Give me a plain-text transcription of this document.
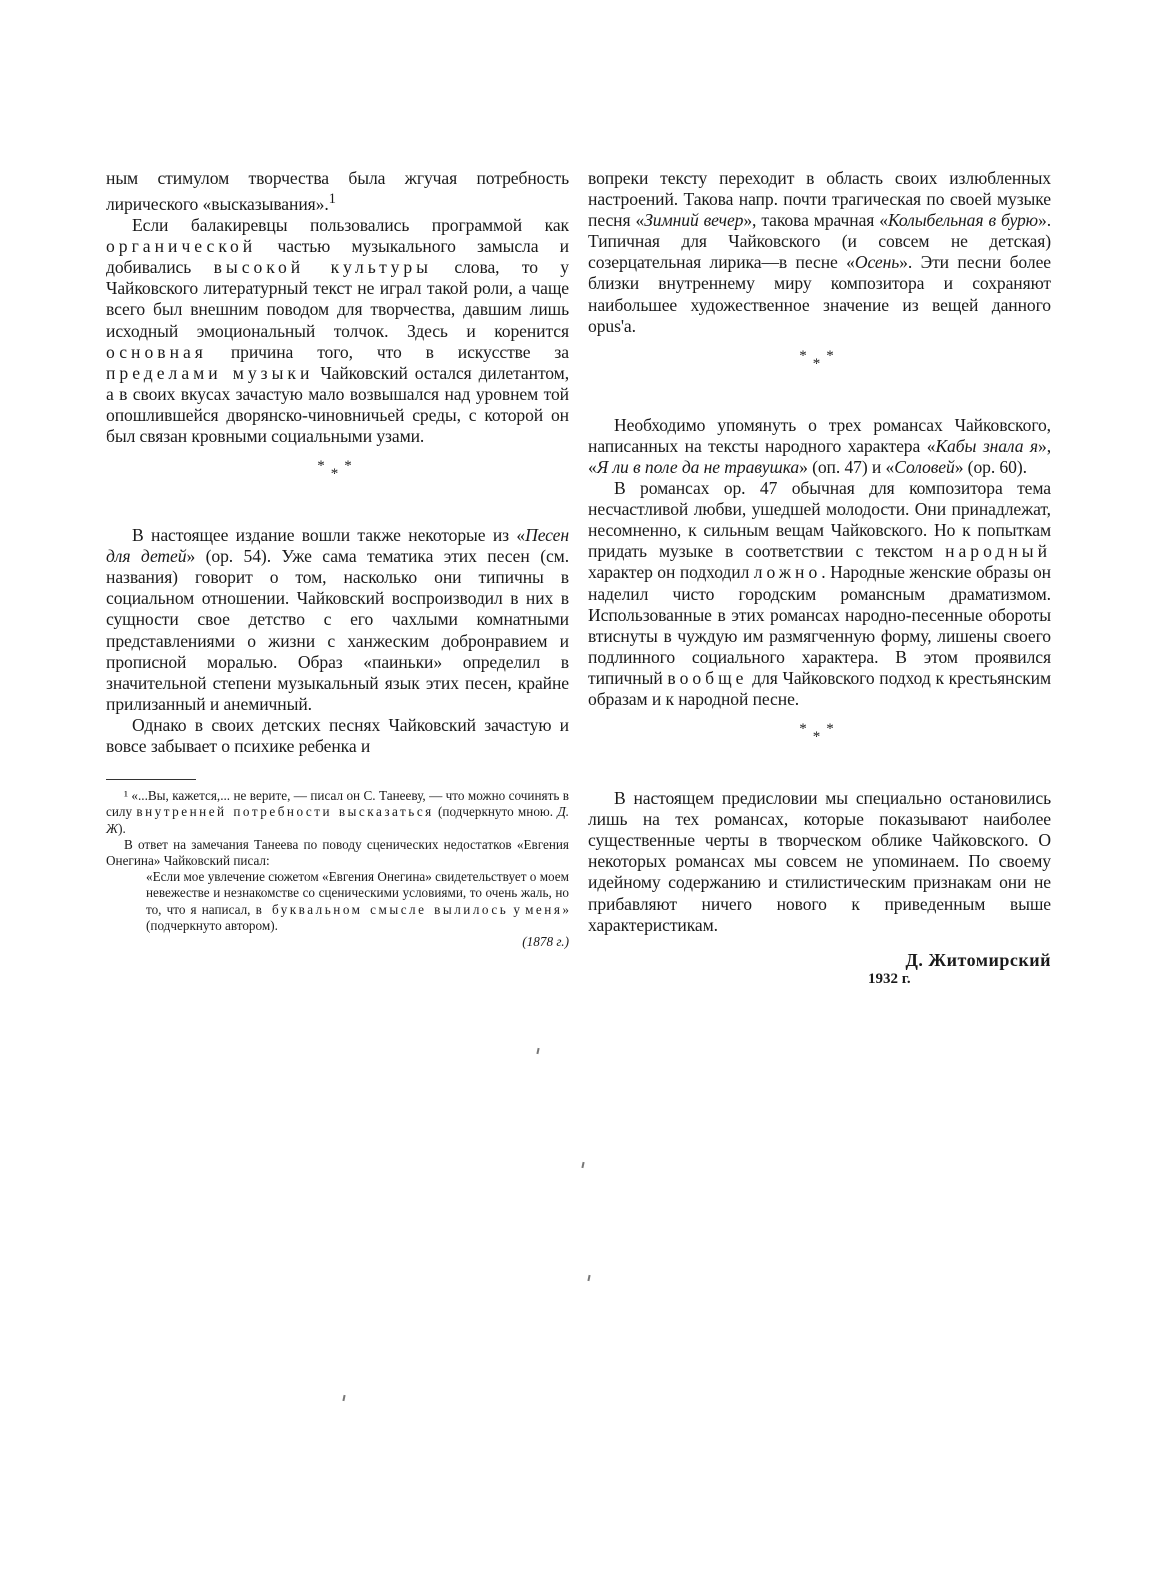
ным стимулом творчества была жгучая потребность лирического «высказывания».$^1$

Если балакиревцы пользовались программой как органической частью музыкального замысла и добивались высокой культуры слова, то у Чайковского литературный текст не играл такой роли, а чаще всего был внешним поводом для творчества, давшим лишь исходный эмоциональный толчок. Здесь и коренится основная причина того, что в искусстве за пределами музыки Чайковский остался дилетантом, а в своих вкусах зачастую мало возвышался над уровнем той опошлившейся дворянско-чиновничьей среды, с которой он был связан кровными социальными узами.

***

В настоящее издание вошли также некоторые из «Песен для детей» (ор. 54). Уже сама тематика этих песен (см. названия) говорит о том, насколько они типичны в социальном отношении. Чайковский воспроизводил в них в сущности свое детство с его чахлыми комнатными представлениями о жизни с ханжеским добронравием и прописной моралью. Образ «паиньки» определил в значительной степени музыкальный язык этих песен, крайне прилизанный и анемичный.

Однако в своих детских песнях Чайковский зачастую и вовсе забывает о психике ребенка и

¹ «...Вы, кажется,... не верите, — писал он С. Танееву, — что можно сочинять в силу внутренней потребности высказаться (подчеркнуто мною. Д. Ж).

В ответ на замечания Танеева по поводу сценических недостатков «Евгения Онегина» Чайковский писал:

«Если мое увлечение сюжетом «Евгения Онегина» свидетельствует о моем невежестве и незнакомстве со сценическими условиями, то очень жаль, но то, что я написал, в буквальном смысле вылилось у меня» (подчеркнуто автором).

(1878 г.)

вопреки тексту переходит в область своих излюбленных настроений. Такова напр. почти трагическая по своей музыке песня «Зимний вечер», такова мрачная «Колыбельная в бурю». Типичная для Чайковского (и совсем не детская) созерцательная лирика—в песне «Осень». Эти песни более близки внутреннему миру композитора и сохраняют наибольшее художественное значение из вещей данного opus'а.

***

Необходимо упомянуть о трех романсах Чайковского, написанных на тексты народного характера «Кабы знала я», «Я ли в поле да не травушка» (оп. 47) и «Соловей» (ор. 60).

В романсах ор. 47 обычная для композитора тема несчастливой любви, ушедшей молодости. Они принадлежат, несомненно, к сильным вещам Чайковского. Но к попыткам придать музыке в соответствии с текстом народный характер он подходил ложно. Народные женские образы он наделил чисто городским романсным драматизмом. Использованные в этих романсах народно-песенные обороты втиснуты в чуждую им размягченную форму, лишены своего подлинного социального характера. В этом проявился типичный вообще для Чайковского подход к крестьянским образам и к народной песне.

***

В настоящем предисловии мы специально остановились лишь на тех романсах, которые показывают наиболее существенные черты в творческом облике Чайковского. О некоторых романсах мы совсем не упоминаем. По своему идейному содержанию и стилистическим признакам они не прибавляют ничего нового к приведенным выше характеристикам.

Д. Житомирский
1932 г.
